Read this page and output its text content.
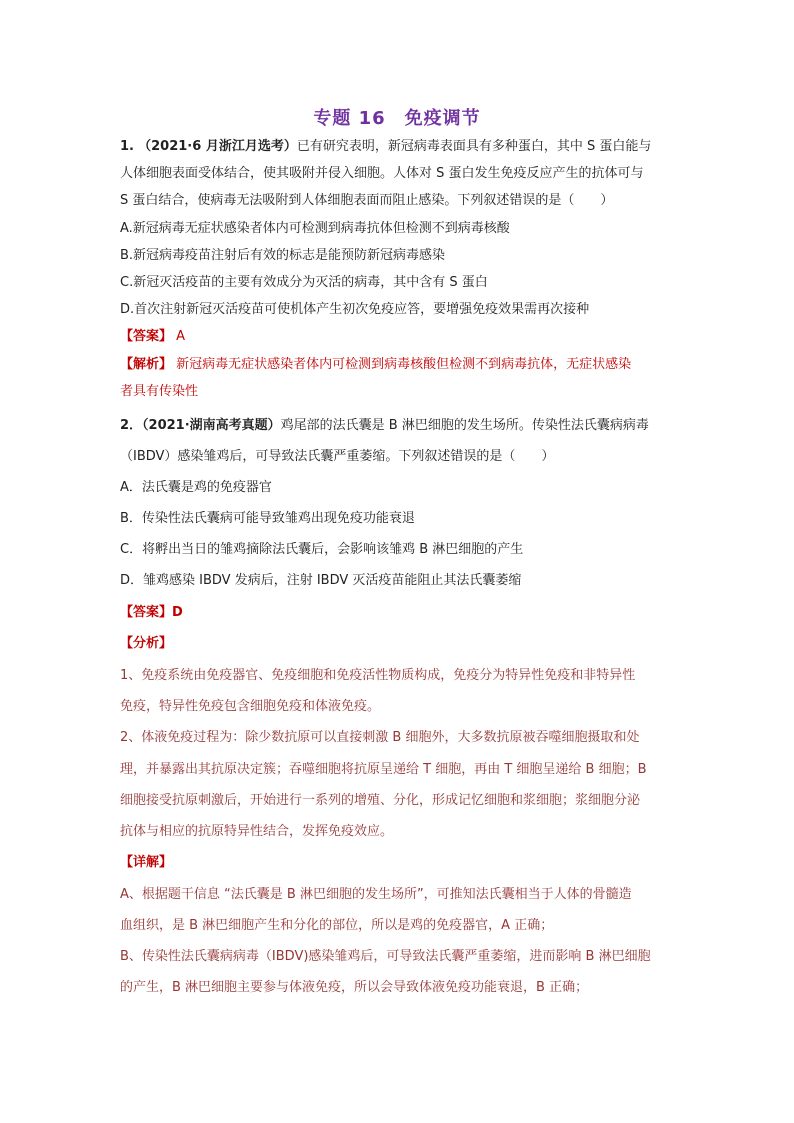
专题 16　免疫调节
1. （2021·6 月浙江月选考）已有研究表明，新冠病毒表面具有多种蛋白，其中 S 蛋白能与
人体细胞表面受体结合，使其吸附并侵入细胞。人体对 S 蛋白发生免疫反应产生的抗体可与
S 蛋白结合，使病毒无法吸附到人体细胞表面而阻止感染。下列叙述错误的是（　　）
A.新冠病毒无症状感染者体内可检测到病毒抗体但检测不到病毒核酸
B.新冠病毒疫苗注射后有效的标志是能预防新冠病毒感染
C.新冠灭活疫苗的主要有效成分为灭活的病毒，其中含有 S 蛋白
D.首次注射新冠灭活疫苗可使机体产生初次免疫应答，要增强免疫效果需再次接种
【答案】 A
【解析】 新冠病毒无症状感染者体内可检测到病毒核酸但检测不到病毒抗体，无症状感染
者具有传染性
2．（2021·湖南高考真题）鸡尾部的法氏囊是 B 淋巴细胞的发生场所。传染性法氏囊病病毒
（IBDV）感染雏鸡后，可导致法氏囊严重萎缩。下列叙述错误的是（　　）
A．法氏囊是鸡的免疫器官
B．传染性法氏囊病可能导致雏鸡出现免疫功能衰退
C．将孵出当日的雏鸡摘除法氏囊后，会影响该雏鸡 B 淋巴细胞的产生
D．雏鸡感染 IBDV 发病后，注射 IBDV 灭活疫苗能阻止其法氏囊萎缩
【答案】D
【分析】
1、免疫系统由免疫器官、免疫细胞和免疫活性物质构成，免疫分为特异性免疫和非特异性
免疫，特异性免疫包含细胞免疫和体液免疫。
2、体液免疫过程为：除少数抗原可以直接刺激 B 细胞外，大多数抗原被吞噬细胞摄取和处
理，并暴露出其抗原决定簇；吞噬细胞将抗原呈递给 T 细胞，再由 T 细胞呈递给 B 细胞；B
细胞接受抗原刺激后，开始进行一系列的增殖、分化，形成记忆细胞和浆细胞；浆细胞分泌
抗体与相应的抗原特异性结合，发挥免疫效应。
【详解】
A、根据题干信息 “法氏囊是 B 淋巴细胞的发生场所”，可推知法氏囊相当于人体的骨髓造
血组织，是 B 淋巴细胞产生和分化的部位，所以是鸡的免疫器官，A 正确；
B、传染性法氏囊病病毒（IBDV)感染雏鸡后，可导致法氏囊严重萎缩，进而影响 B 淋巴细胞
的产生，B 淋巴细胞主要参与体液免疫，所以会导致体液免疫功能衰退，B 正确；
